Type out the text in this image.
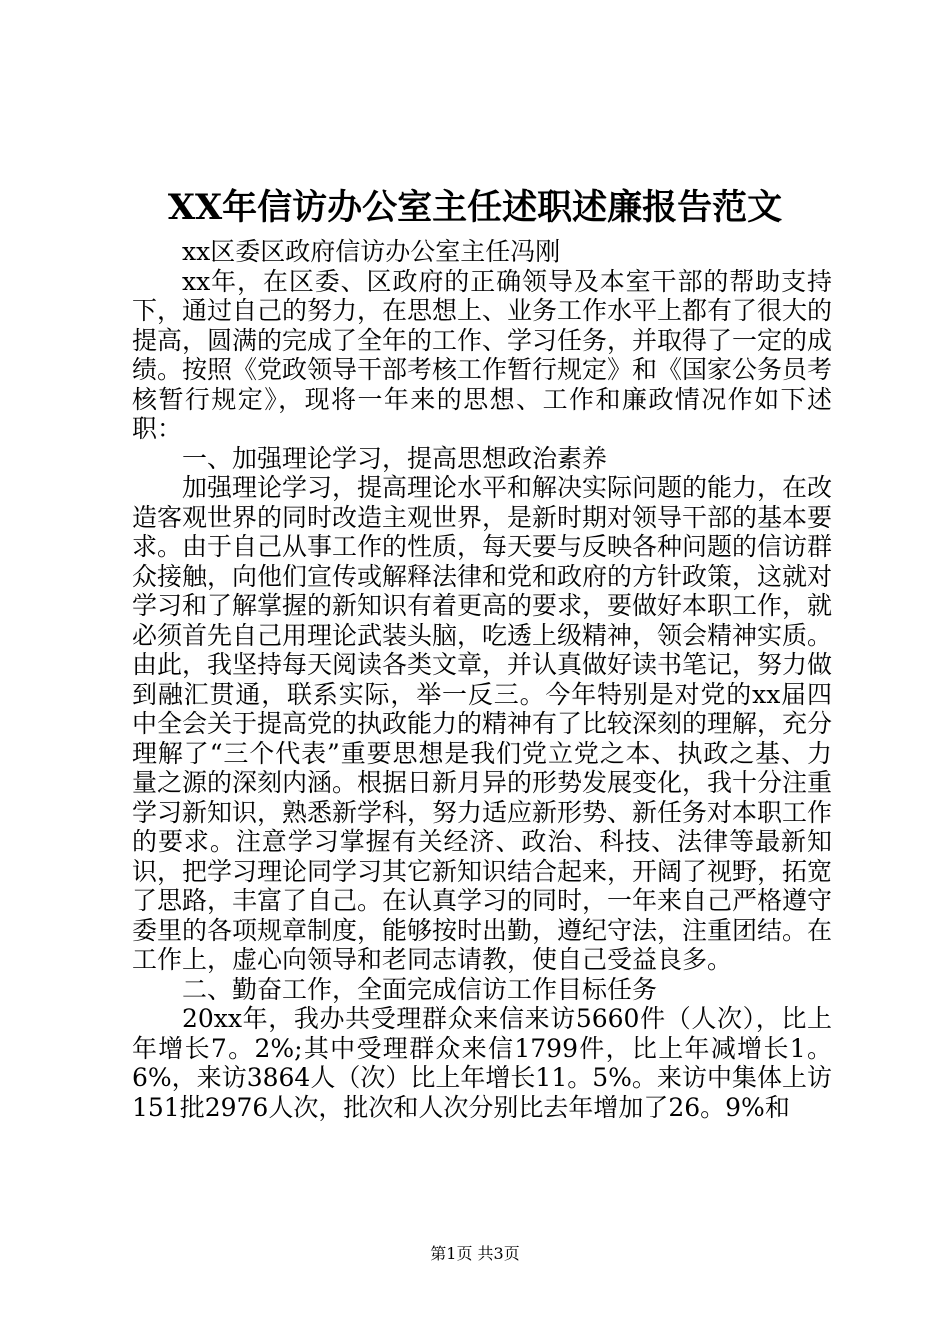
XX年信访办公室主任述职述廉报告范文

xx区委区政府信访办公室主任冯刚

xx年，在区委、区政府的正确领导及本室干部的帮助支持下，通过自己的努力，在思想上、业务工作水平上都有了很大的提高，圆满的完成了全年的工作、学习任务，并取得了一定的成绩。按照《党政领导干部考核工作暂行规定》和《国家公务员考核暂行规定》，现将一年来的思想、工作和廉政情况作如下述职：

一、加强理论学习，提高思想政治素养

加强理论学习，提高理论水平和解决实际问题的能力，在改造客观世界的同时改造主观世界，是新时期对领导干部的基本要求。由于自己从事工作的性质，每天要与反映各种问题的信访群众接触，向他们宣传或解释法律和党和政府的方针政策，这就对学习和了解掌握的新知识有着更高的要求，要做好本职工作，就必须首先自己用理论武装头脑，吃透上级精神，领会精神实质。由此，我坚持每天阅读各类文章，并认真做好读书笔记，努力做到融汇贯通，联系实际，举一反三。今年特别是对党的xx届四中全会关于提高党的执政能力的精神有了比较深刻的理解，充分理解了“三个代表”重要思想是我们党立党之本、执政之基、力量之源的深刻内涵。根据日新月异的形势发展变化，我十分注重学习新知识，熟悉新学科，努力适应新形势、新任务对本职工作的要求。注意学习掌握有关经济、政治、科技、法律等最新知识，把学习理论同学习其它新知识结合起来，开阔了视野，拓宽了思路，丰富了自己。在认真学习的同时，一年来自己严格遵守委里的各项规章制度，能够按时出勤，遵纪守法，注重团结。在工作上，虚心向领导和老同志请教，使自己受益良多。

二、勤奋工作，全面完成信访工作目标任务

20xx年，我办共受理群众来信来访5660件（人次），比上年增长7。2%;其中受理群众来信1799件，比上年减增长1。6%，来访3864人（次）比上年增长11。5%。来访中集体上访151批2976人次，批次和人次分别比去年增加了26。9%和

第1页 共3页
